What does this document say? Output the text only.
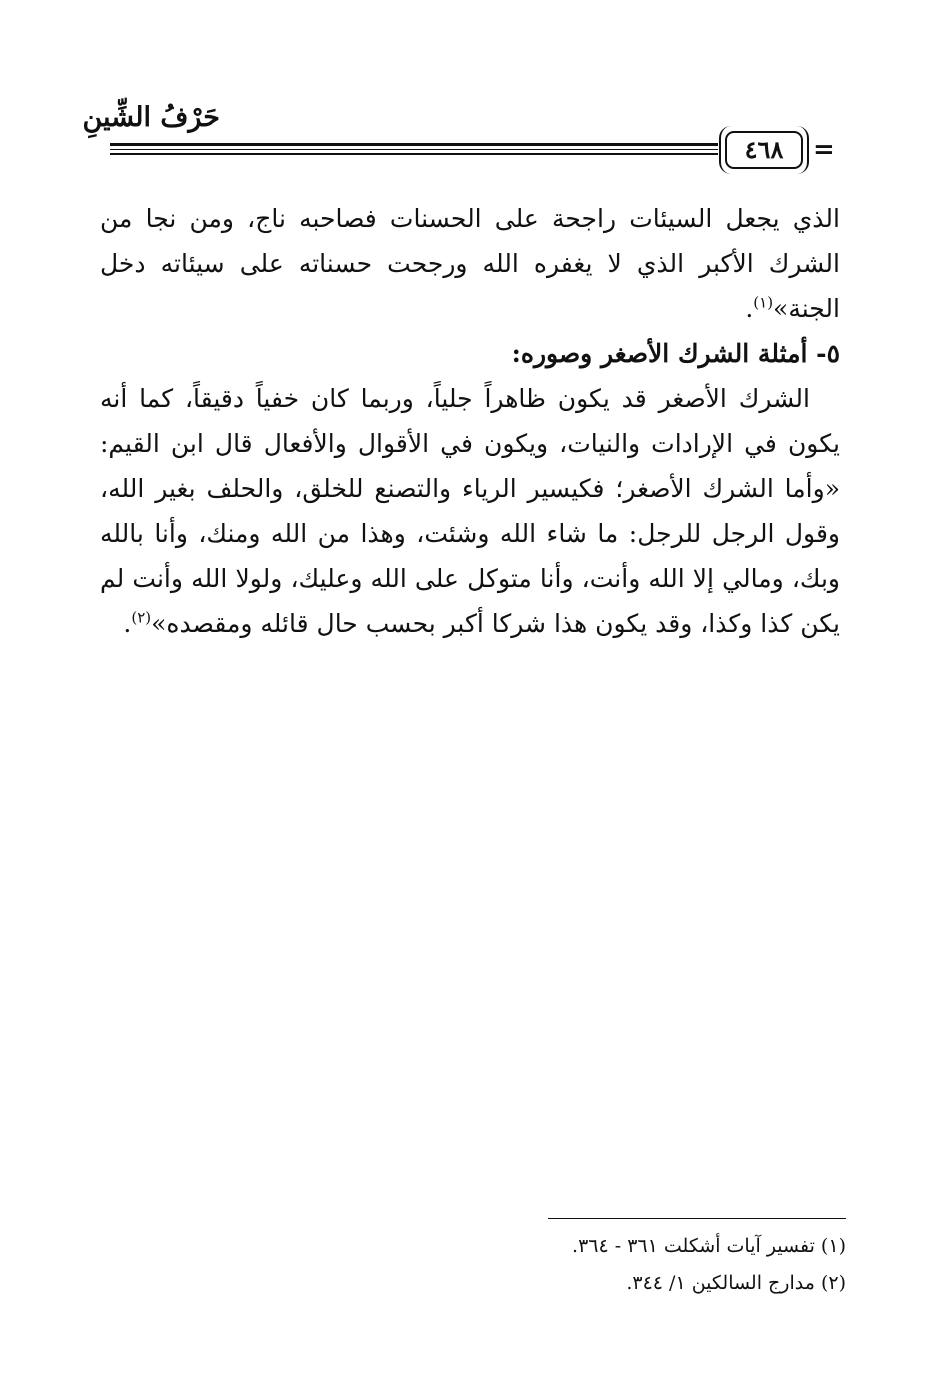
حَرْفُ الشِّينِ
٤٦٨	=

الذي يجعل السيئات راجحة على الحسنات فصاحبه ناج، ومن نجا من الشرك الأكبر الذي لا يغفره الله ورجحت حسناته على سيئاته دخل الجنة»$^{(١)}$.

٥- أمثلة الشرك الأصغر وصوره:

الشرك الأصغر قد يكون ظاهراً جلياً، وربما كان خفياً دقيقاً، كما أنه يكون في الإرادات والنيات، ويكون في الأقوال والأفعال قال ابن القيم: «وأما الشرك الأصغر؛ فكيسير الرياء والتصنع للخلق، والحلف بغير الله، وقول الرجل للرجل: ما شاء الله وشئت، وهذا من الله ومنك، وأنا بالله وبك، ومالي إلا الله وأنت، وأنا متوكل على الله وعليك، ولولا الله وأنت لم يكن كذا وكذا، وقد يكون هذا شركا أكبر بحسب حال قائله ومقصده»$^{(٢)}$.

(١) تفسير آيات أشكلت ٣٦١ - ٣٦٤.
(٢) مدارج السالكين ١/ ٣٤٤.
